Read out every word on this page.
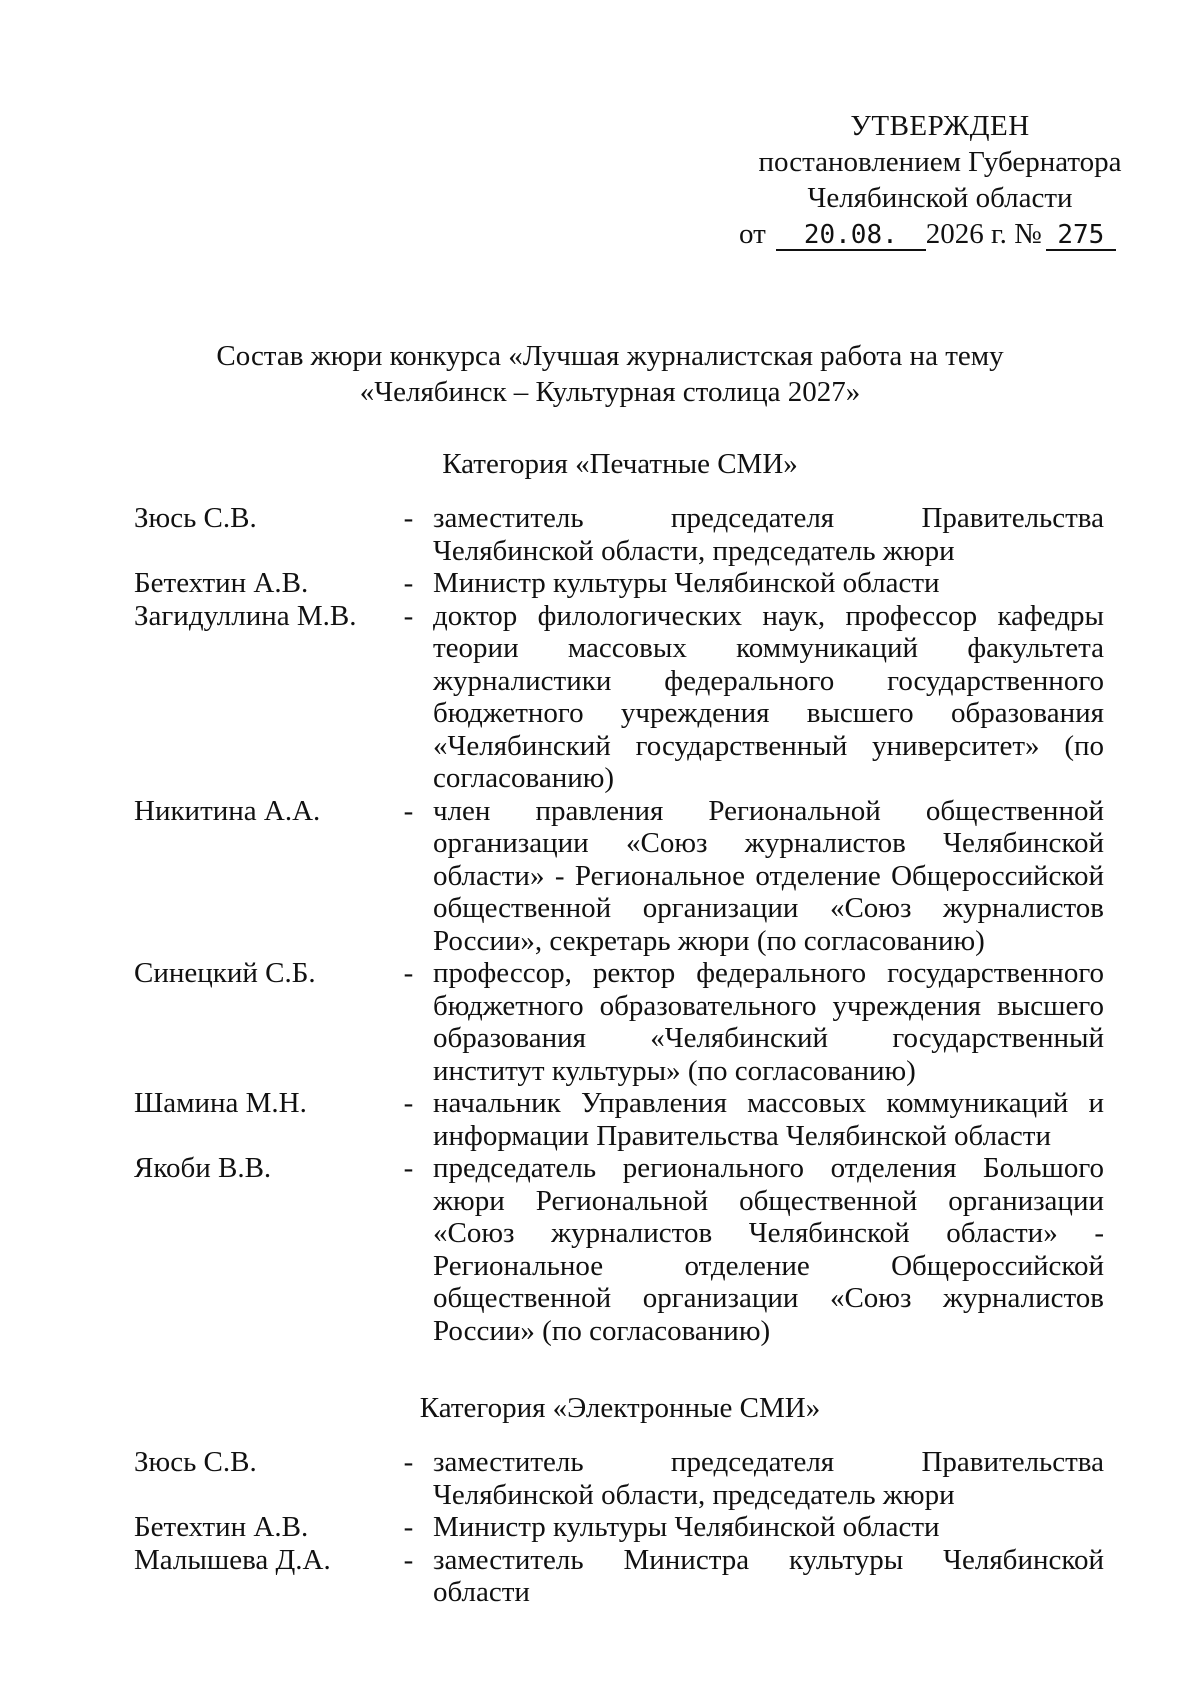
УТВЕРЖДЕН
постановлением Губернатора
Челябинской области
от 20.08. 2026 г. № 275
Состав жюри конкурса «Лучшая журналистская работа на тему
«Челябинск – Культурная столица 2027»
Категория «Печатные СМИ»
Зюсь С.В.	- заместитель председателя Правительства Челябинской области, председатель жюри
Бетехтин А.В.	- Министр культуры Челябинской области
Загидуллина М.В.	- доктор филологических наук, профессор кафедры теории массовых коммуникаций факультета журналистики федерального государственного бюджетного учреждения высшего образования «Челябинский государственный университет» (по согласованию)
Никитина А.А.	- член правления Региональной общественной организации «Союз журналистов Челябинской области» - Региональное отделение Общероссийской общественной организации «Союз журналистов России», секретарь жюри (по согласованию)
Синецкий С.Б.	- профессор, ректор федерального государственного бюджетного образовательного учреждения высшего образования «Челябинский государственный институт культуры» (по согласованию)
Шамина М.Н.	- начальник Управления массовых коммуникаций и информации Правительства Челябинской области
Якоби В.В.	- председатель регионального отделения Большого жюри Региональной общественной организации «Союз журналистов Челябинской области» - Региональное отделение Общероссийской общественной организации «Союз журналистов России» (по согласованию)
Категория «Электронные СМИ»
Зюсь С.В.	- заместитель председателя Правительства Челябинской области, председатель жюри
Бетехтин А.В.	- Министр культуры Челябинской области
Малышева Д.А.	- заместитель Министра культуры Челябинской области
